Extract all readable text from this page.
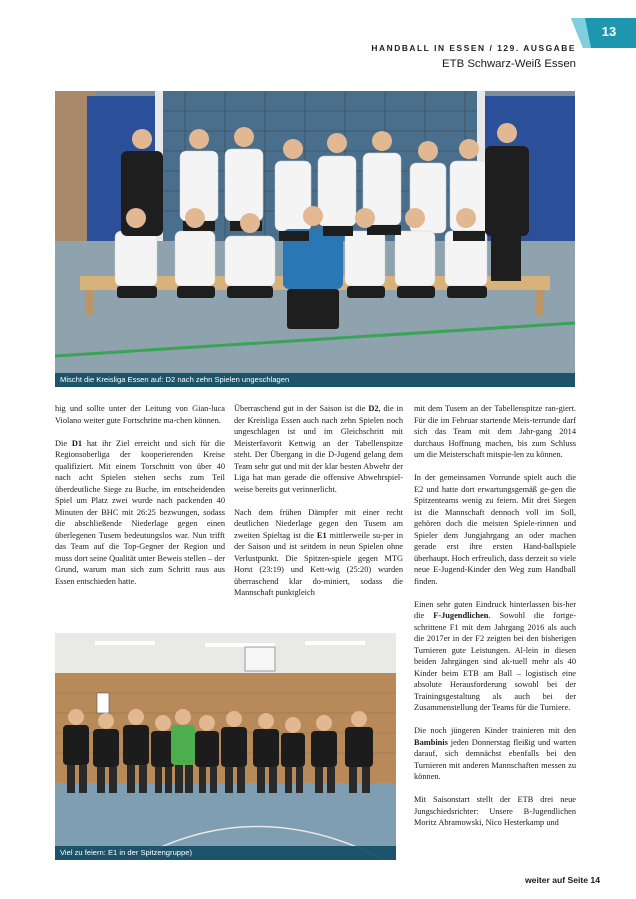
13
HANDBALL IN ESSEN / 129. AUSGABE
ETB Schwarz-Weiß Essen
Mischt die Kreisliga Essen auf: D2 nach zehn Spielen ungeschlagen

hig und sollte unter der Leitung von Gian-luca Violano weiter gute Fortschritte ma-chen können.

Die D1 hat ihr Ziel erreicht und sich für die Regionsoberliga der kooperierenden Kreise qualifiziert. Mit einem Torschnitt von über 40 nach acht Spielen stehen sechs zum Teil überdeutliche Siege zu Buche, im entscheidenden Spiel um Platz zwei wurde nach packenden 40 Minuten der BHC mit 26:25 bezwungen, sodass die abschließende Niederlage gegen einen überlegenen Tusem bedeutungslos war. Nun trifft das Team auf die Top-Gegner der Region und muss dort seine Qualität unter Beweis stellen – der Grund, warum man sich zum Schritt raus aus Essen entschieden hatte.

Überraschend gut in der Saison ist die D2, die in der Kreisliga Essen auch nach zehn Spielen noch ungeschlagen ist und im Gleichschritt mit Meisterfavorit Kettwig an der Tabellenspitze steht. Der Übergang in die D-Jugend gelang dem Team sehr gut und mit der klar besten Abwehr der Liga hat man gerade die offensive Abwehrspiel-weise bereits gut verinnerlicht.

Nach dem frühen Dämpfer mit einer recht deutlichen Niederlage gegen den Tusem am zweiten Spieltag ist die E1 mittlerweile su-per in der Saison und ist seitdem in neun Spielen ohne Verlustpunkt. Die Spitzen-spiele gegen MTG Horst (23:19) und Kett-wig (25:20) wurden überraschend klar do-miniert, sodass die Mannschaft punktgleich

mit dem Tusem an der Tabellenspitze ran-giert. Für die im Februar startende Meis-terrunde darf sich das Team mit dem Jahr-gang 2014 durchaus Hoffnung machen, bis zum Schluss um die Meisterschaft mitspie-len zu können.

In der gemeinsamen Vorrunde spielt auch die E2 und hatte dort erwartungsgemäß ge-gen die Spitzenteams wenig zu feiern. Mit drei Siegen ist die Mannschaft dennoch voll im Soll, gehören doch die meisten Spiele-rinnen und Spieler dem Jungjahrgang an oder machen gerade erst ihre ersten Hand-ballspiele überhaupt. Hoch erfreulich, dass derzeit so viele neue E-Jugend-Kinder den Weg zum Handball finden.

Einen sehr guten Eindruck hinterlassen bis-her die F-Jugendlichen. Sowohl die fortge-schrittene F1 mit dem Jahrgang 2016 als auch die 2017er in der F2 zeigten bei den bisherigen Turnieren gute Leistungen. Al-lein in diesen beiden Jahrgängen sind ak-tuell mehr als 40 Kinder beim ETB am Ball – logistisch eine absolute Herausforderung sowohl bei der Trainingsgestaltung als auch bei der Zusammenstellung der Teams für die Turniere.

Die noch jüngeren Kinder trainieren mit den Bambinis jeden Donnerstag fleißig und warten darauf, sich demnächst ebenfalls bei den Turnieren mit anderen Mannschaften messen zu können.

Mit Saisonstart stellt der ETB drei neue Jungschiedsrichter: Unsere B-Jugendlichen Moritz Abramowski, Nico Hesterkamp und

Viel zu feiern: E1 in der Spitzengruppe)
weiter auf Seite 14
